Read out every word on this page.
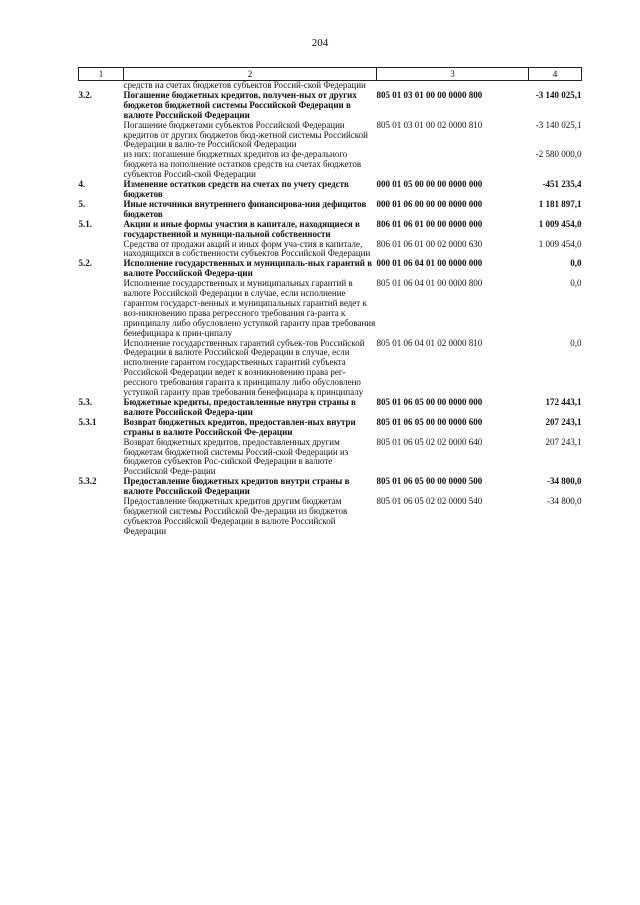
204
1	2	3	4
	средств на счетах бюджетов субъектов Россий-ской Федерации		
3.2.	Погашение бюджетных кредитов, получен-ных от других бюджетов бюджетной системы Российской Федерации в валюте Российской Федерации	805 01 03 01 00 00 0000 800	-3 140 025,1
	Погашение бюджетами субъектов Российской Федерации кредитов от других бюджетов бюд-жетной системы Российской Федерации в валю-те Российской Федерации	805 01 03 01 00 02 0000 810	-3 140 025,1
	из них: погашение бюджетных кредитов из фе-дерального бюджета на пополнение остатков средств на счетах бюджетов субъектов Россий-ской Федерации		-2 580 000,0
4.	Изменение остатков средств на счетах по учету средств бюджетов	000 01 05 00 00 00 0000 000	-451 235,4
5.	Иные источники внутреннего финансирова-ния дефицитов бюджетов	000 01 06 00 00 00 0000 000	1 181 897,1
5.1.	Акции и иные формы участия в капитале, находящиеся в государственной и муници-пальной собственности	806 01 06 01 00 00 0000 000	1 009 454,0
	Средства от продажи акций и иных форм уча-стия в капитале, находящихся в собственности субъектов Российской Федерации	806 01 06 01 00 02 0000 630	1 009 454,0
5.2.	Исполнение государственных и муниципаль-ных гарантий в валюте Российской Федера-ции	000 01 06 04 01 00 0000 000	0,0
	Исполнение государственных и муниципальных гарантий в валюте Российской Федерации в случае, если исполнение гарантом государст-венных и муниципальных гарантий ведет к воз-никновению права регрессного требования га-ранта к принципалу либо обусловлено уступкой гаранту прав требования бенефициара к прин-ципалу	805 01 06 04 01 00 0000 800	0,0
	Исполнение государственных гарантий субъек-тов Российской Федерации в валюте Российской Федерации в случае, если исполнение гарантом государственных гарантий субъекта Российской Федерации ведет к возникновению права рег-рессного требования гаранта к принципалу либо обусловлено уступкой гаранту прав требования бенефициара к принципалу	805 01 06 04 01 02 0000 810	0,0
5.3.	Бюджетные кредиты, предоставленные внутри страны в валюте Российской Федера-ции	805 01 06 05 00 00 0000 000	172 443,1
5.3.1	Возврат бюджетных кредитов, предоставлен-ных внутри страны в валюте Российской Фе-дерации	805 01 06 05 00 00 0000 600	207 243,1
	Возврат бюджетных кредитов, предоставленных другим бюджетам бюджетной системы Россий-ской Федерации из бюджетов субъектов Рос-сийской Федерации в валюте Российской Феде-рации	805 01 06 05 02 02 0000 640	207 243,1
5.3.2	Предоставление бюджетных кредитов внутри страны в валюте Российской Федерации	805 01 06 05 00 00 0000 500	-34 800,0
	Предоставление бюджетных кредитов другим бюджетам бюджетной системы Российской Фе-дерации из бюджетов субъектов Российской Федерации в валюте Российской Федерации	805 01 06 05 02 02 0000 540	-34 800,0
